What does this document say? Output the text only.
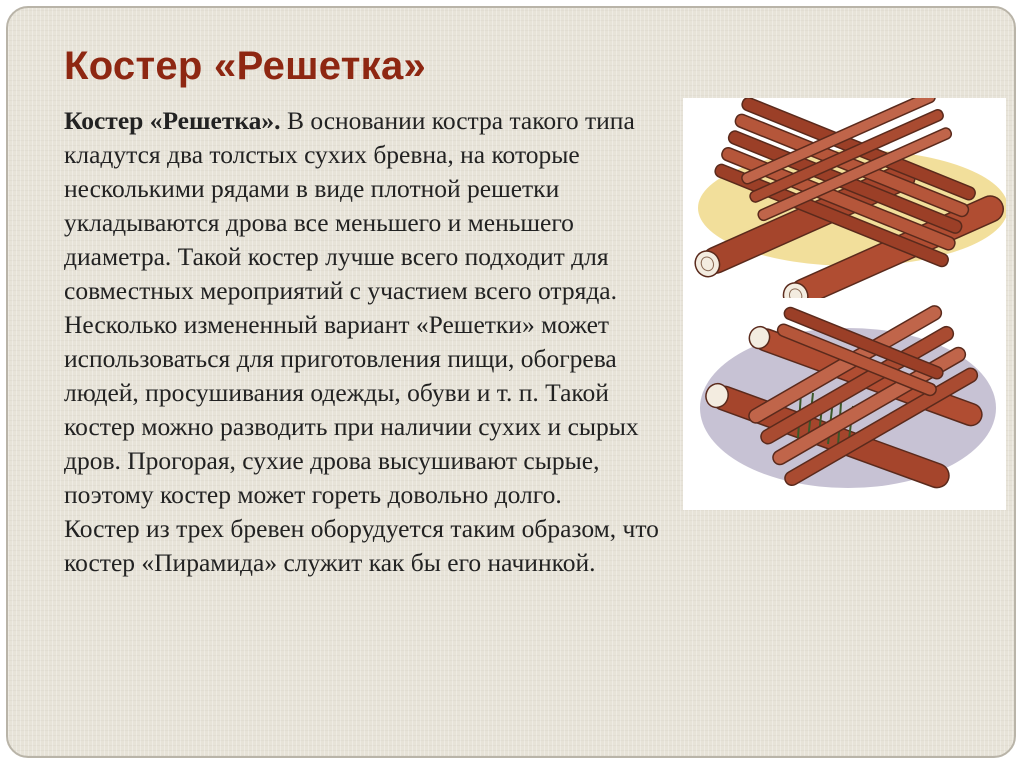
Костер «Решетка»

Костер «Решетка». В основании костра такого типа кладутся два толстых сухих бревна, на которые несколькими рядами в виде плотной решетки укладываются дрова все меньшего и меньшего диаметра. Такой костер лучше всего подходит для совместных мероприятий с участием всего отряда.

Несколько измененный вариант «Решетки» может использоваться для приготовления пищи, обогрева людей, просушивания одежды, обуви и т. п. Такой костер можно разводить при наличии сухих и сырых дров. Прогорая, сухие дрова высушивают сырые, поэтому костер может гореть довольно долго.

Костер из трех бревен оборудуется таким образом, что костер «Пирамида» служит как бы его начинкой.
